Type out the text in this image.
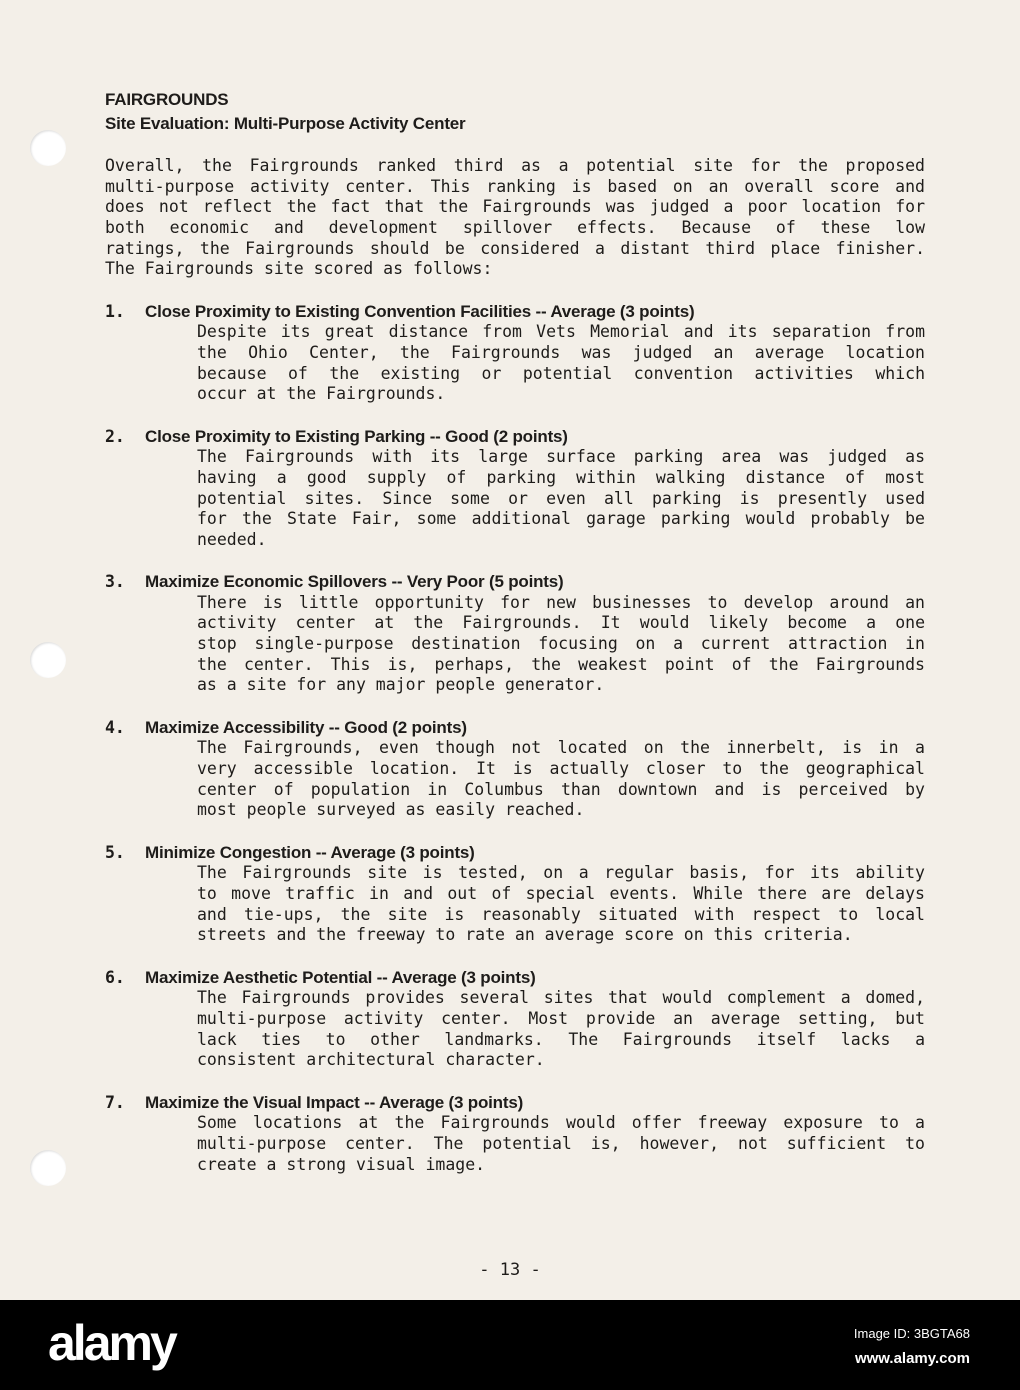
FAIRGROUNDS
Site Evaluation: Multi-Purpose Activity Center
Overall, the Fairgrounds ranked third as a potential site for the proposed
multi-purpose activity center. This ranking is based on an overall score and
does not reflect the fact that the Fairgrounds was judged a poor location for
both economic and development spillover effects. Because of these low
ratings, the Fairgrounds should be considered a distant third place finisher.
The Fairgrounds site scored as follows:
1.	Close Proximity to Existing Convention Facilities -- Average (3 points)
Despite its great distance from Vets Memorial and its separation from
the Ohio Center, the Fairgrounds was judged an average location
because of the existing or potential convention activities which
occur at the Fairgrounds.
2.	Close Proximity to Existing Parking -- Good (2 points)
The Fairgrounds with its large surface parking area was judged as
having a good supply of parking within walking distance of most
potential sites. Since some or even all parking is presently used
for the State Fair, some additional garage parking would probably be
needed.
3.	Maximize Economic Spillovers -- Very Poor (5 points)
There is little opportunity for new businesses to develop around an
activity center at the Fairgrounds. It would likely become a one
stop single-purpose destination focusing on a current attraction in
the center. This is, perhaps, the weakest point of the Fairgrounds
as a site for any major people generator.
4.	Maximize Accessibility -- Good (2 points)
The Fairgrounds, even though not located on the innerbelt, is in a
very accessible location. It is actually closer to the geographical
center of population in Columbus than downtown and is perceived by
most people surveyed as easily reached.
5.	Minimize Congestion -- Average (3 points)
The Fairgrounds site is tested, on a regular basis, for its ability
to move traffic in and out of special events. While there are delays
and tie-ups, the site is reasonably situated with respect to local
streets and the freeway to rate an average score on this criteria.
6.	Maximize Aesthetic Potential -- Average (3 points)
The Fairgrounds provides several sites that would complement a domed,
multi-purpose activity center. Most provide an average setting, but
lack ties to other landmarks. The Fairgrounds itself lacks a
consistent architectural character.
7.	Maximize the Visual Impact -- Average (3 points)
Some locations at the Fairgrounds would offer freeway exposure to a
multi-purpose center. The potential is, however, not sufficient to
create a strong visual image.
- 13 -
alamy	Image ID: 3BGTA68
www.alamy.com
